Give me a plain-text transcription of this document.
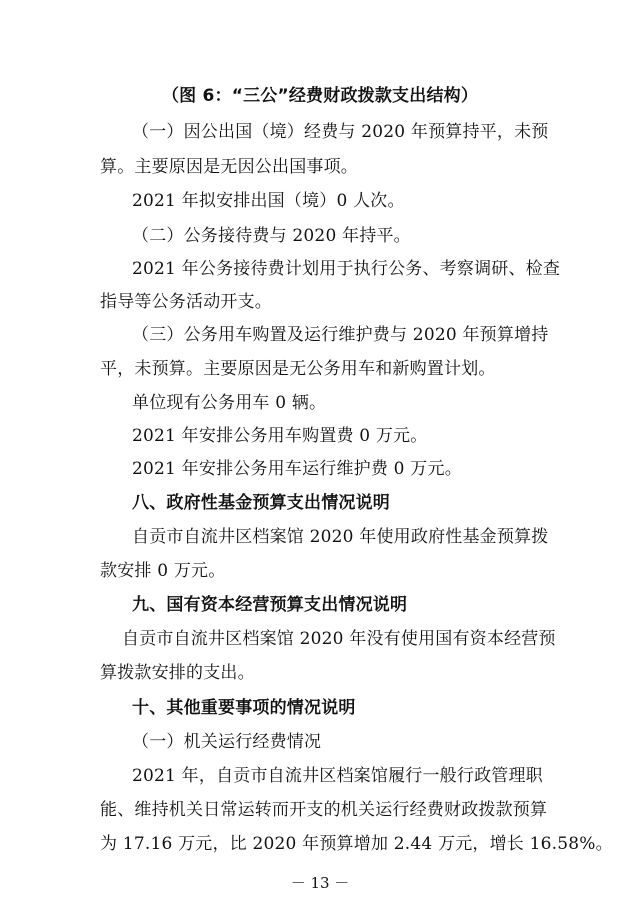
（图 6：“三公”经费财政拨款支出结构）
（一）因公出国（境）经费与 2020 年预算持平，未预
算。主要原因是无因公出国事项。
2021 年拟安排出国（境）0 人次。
（二）公务接待费与 2020 年持平。
2021 年公务接待费计划用于执行公务、考察调研、检查
指导等公务活动开支。
（三）公务用车购置及运行维护费与 2020 年预算增持
平，未预算。主要原因是无公务用车和新购置计划。
单位现有公务用车 0 辆。
2021 年安排公务用车购置费 0 万元。
2021 年安排公务用车运行维护费 0 万元。
八、政府性基金预算支出情况说明
自贡市自流井区档案馆 2020 年使用政府性基金预算拨
款安排 0 万元。
九、国有资本经营预算支出情况说明
自贡市自流井区档案馆 2020 年没有使用国有资本经营预
算拨款安排的支出。
十、其他重要事项的情况说明
（一）机关运行经费情况
2021 年，自贡市自流井区档案馆履行一般行政管理职
能、维持机关日常运转而开支的机关运行经费财政拨款预算
为 17.16 万元，比 2020 年预算增加 2.44 万元，增长 16.58%。
－ 13 －
